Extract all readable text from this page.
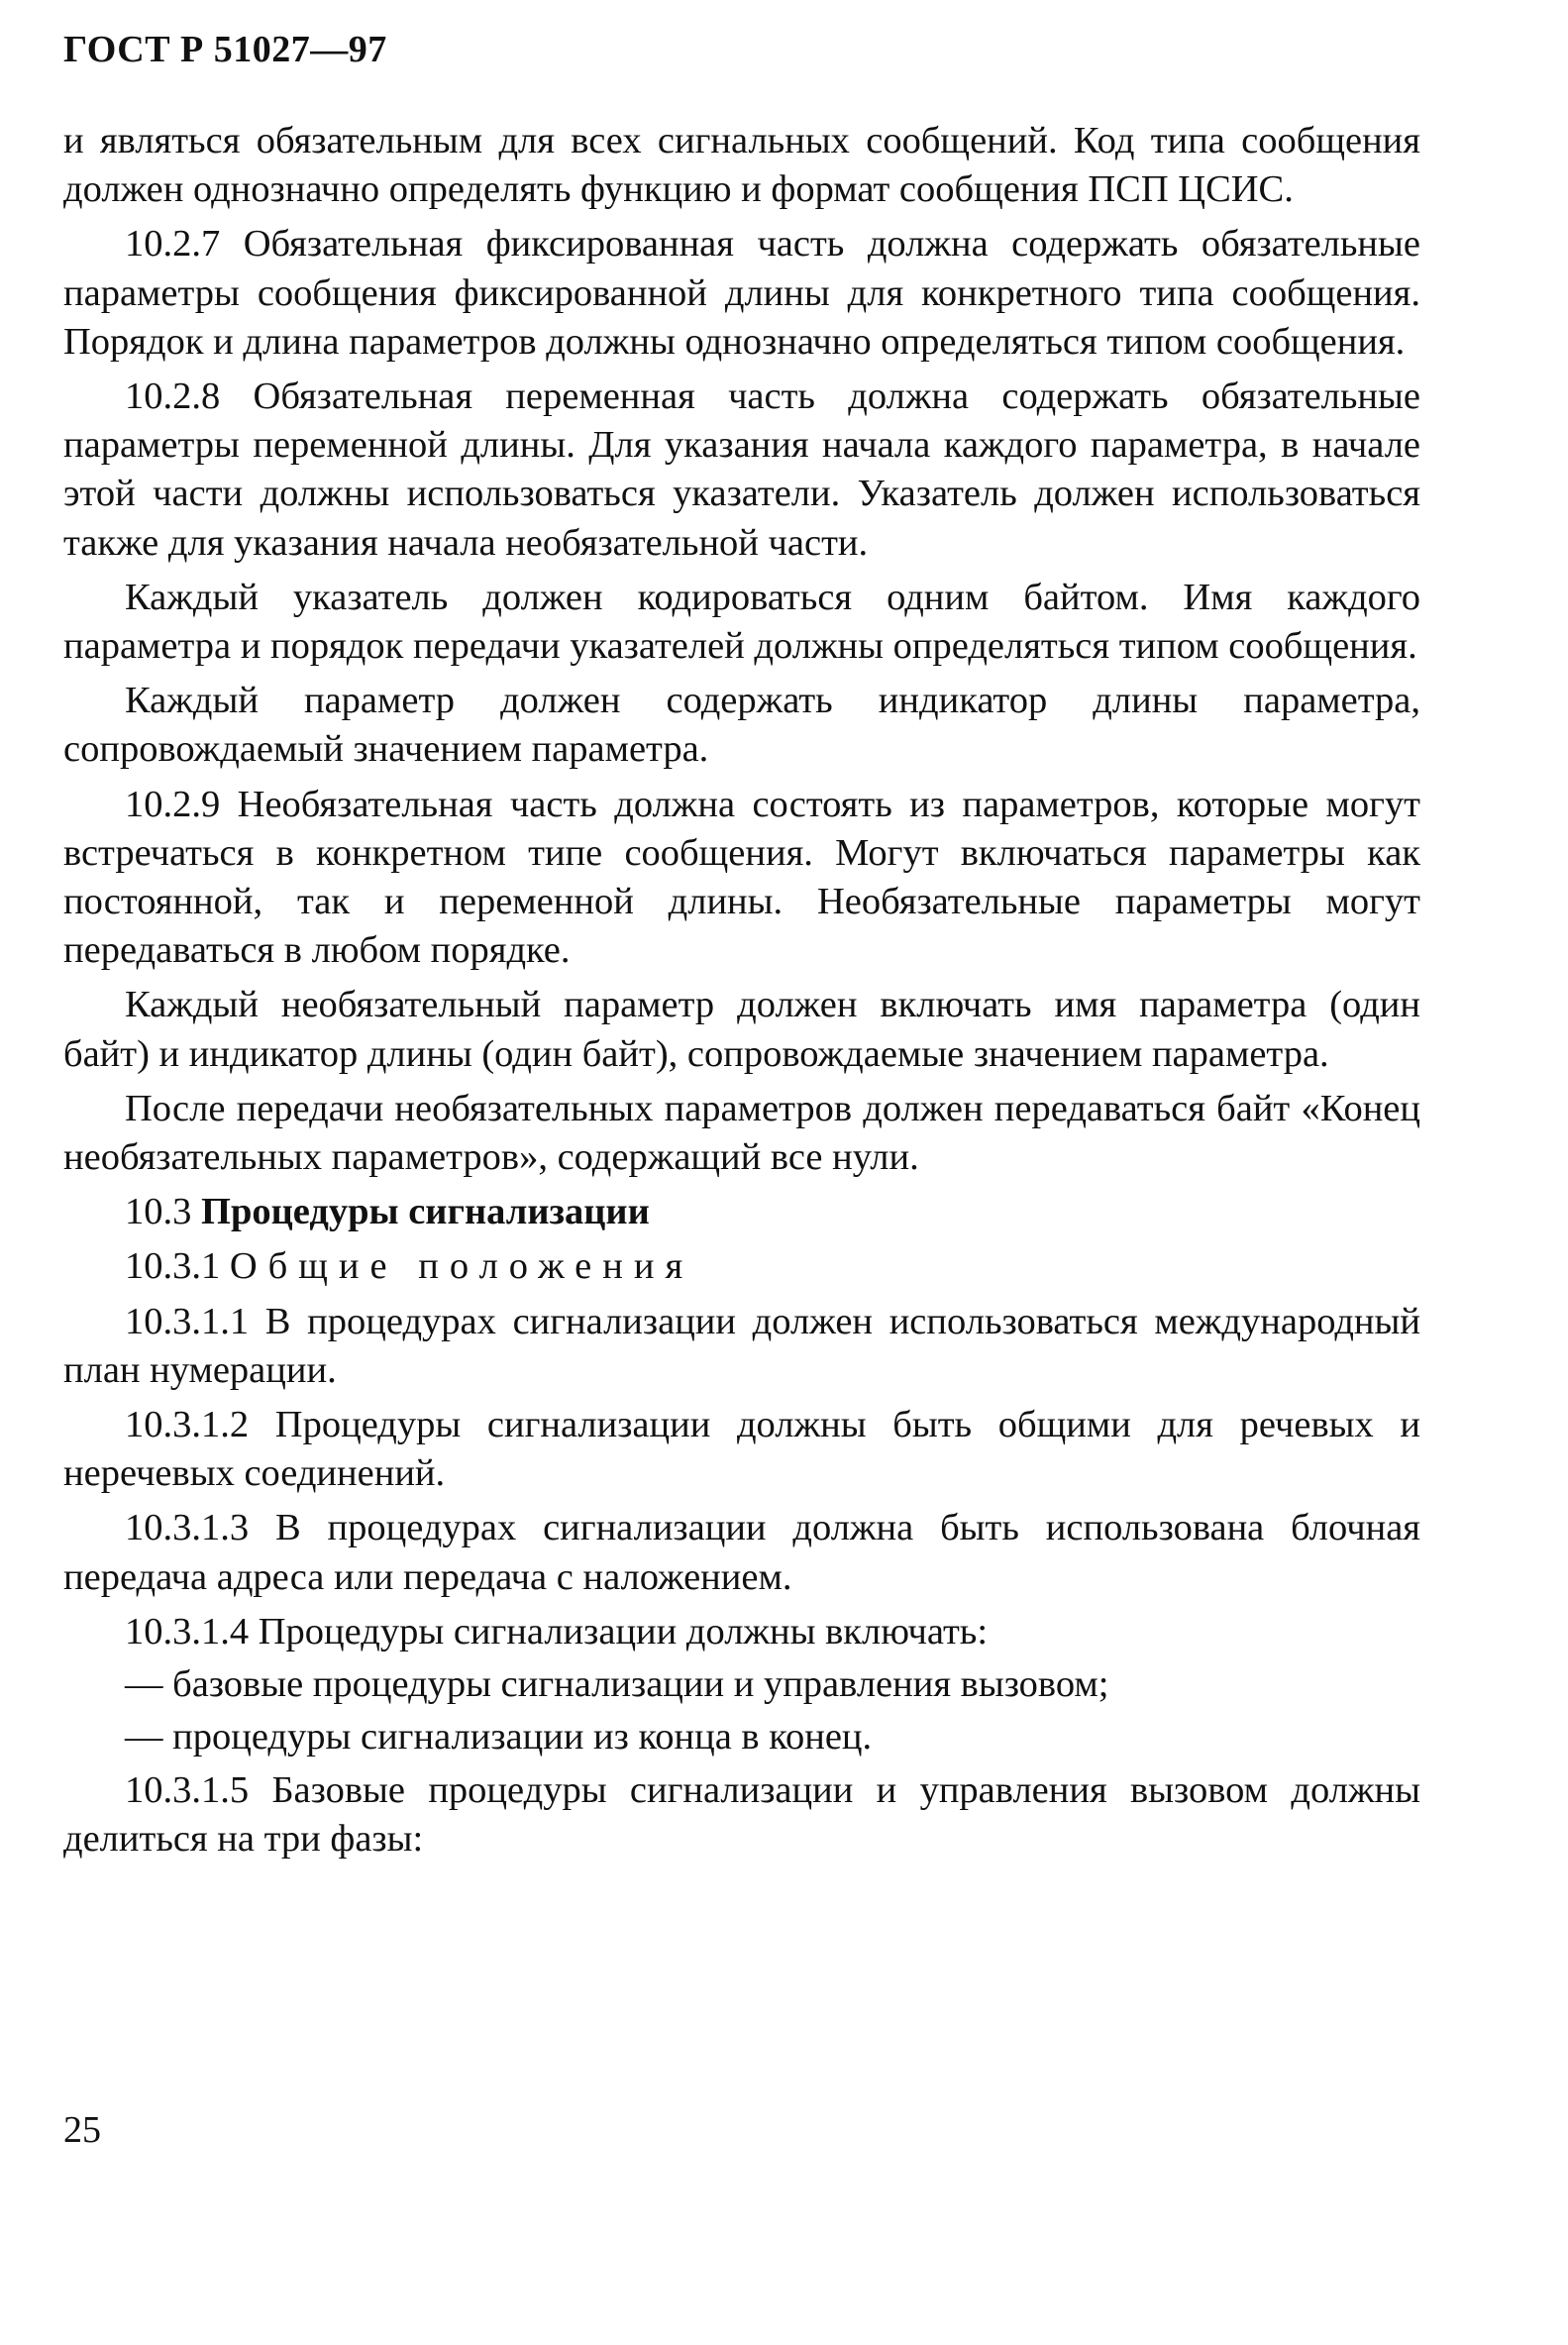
ГОСТ Р 51027—97

и являться обязательным для всех сигнальных сообщений. Код типа сообщения должен однозначно определять функцию и формат сообщения ПСП ЦСИС.

10.2.7 Обязательная фиксированная часть должна содержать обязательные параметры сообщения фиксированной длины для конкретного типа сообщения. Порядок и длина параметров должны однозначно определяться типом сообщения.

10.2.8 Обязательная переменная часть должна содержать обязательные параметры переменной длины. Для указания начала каждого параметра, в начале этой части должны использоваться указатели. Указатель должен использоваться также для указания начала необязательной части.

Каждый указатель должен кодироваться одним байтом. Имя каждого параметра и порядок передачи указателей должны определяться типом сообщения.

Каждый параметр должен содержать индикатор длины параметра, сопровождаемый значением параметра.

10.2.9 Необязательная часть должна состоять из параметров, которые могут встречаться в конкретном типе сообщения. Могут включаться параметры как постоянной, так и переменной длины. Необязательные параметры могут передаваться в любом порядке.

Каждый необязательный параметр должен включать имя параметра (один байт) и индикатор длины (один байт), сопровождаемые значением параметра.

После передачи необязательных параметров должен передаваться байт «Конец необязательных параметров», содержащий все нули.

10.3 Процедуры сигнализации

10.3.1 Общие положения

10.3.1.1 В процедурах сигнализации должен использоваться международный план нумерации.

10.3.1.2 Процедуры сигнализации должны быть общими для речевых и неречевых соединений.

10.3.1.3 В процедурах сигнализации должна быть использована блочная передача адреса или передача с наложением.

10.3.1.4 Процедуры сигнализации должны включать:

— базовые процедуры сигнализации и управления вызовом;

— процедуры сигнализации из конца в конец.

10.3.1.5 Базовые процедуры сигнализации и управления вызовом должны делиться на три фазы:

25
